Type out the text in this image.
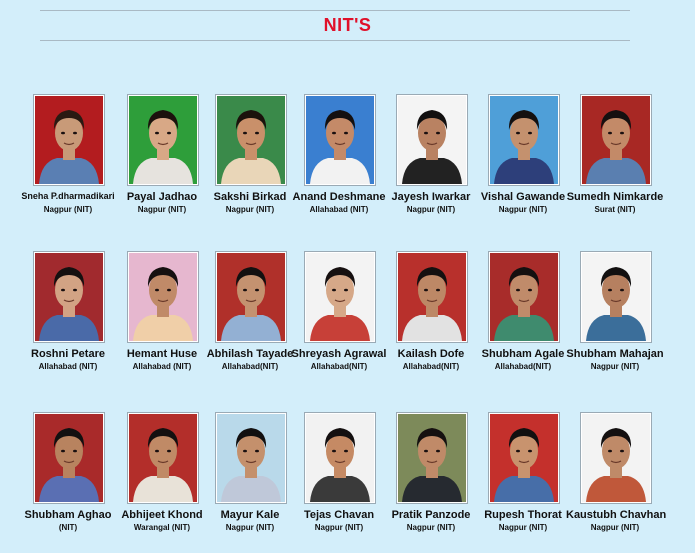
NIT'S
Sneha P.dharmadikari
Nagpur (NIT)
Payal Jadhao
Nagpur (NIT)
Sakshi Birkad
Nagpur (NIT)
Anand Deshmane
Allahabad (NIT)
Jayesh Iwarkar
Nagpur (NIT)
Vishal Gawande
Nagpur (NIT)
Sumedh Nimkarde
Surat (NIT)
Roshni Petare
Allahabad (NIT)
Hemant Huse
Allahabad (NIT)
Abhilash Tayade
Allahabad(NIT)
Shreyash Agrawal
Allahabad(NIT)
Kailash Dofe
Allahabad(NIT)
Shubham Agale
Allahabad(NIT)
Shubham Mahajan
Nagpur (NIT)
Shubham Aghao
(NIT)
Abhijeet Khond
Warangal (NIT)
Mayur Kale
Nagpur (NIT)
Tejas Chavan
Nagpur (NIT)
Pratik Panzode
Nagpur (NIT)
Rupesh Thorat
Nagpur (NIT)
Kaustubh Chavhan
Nagpur (NIT)
